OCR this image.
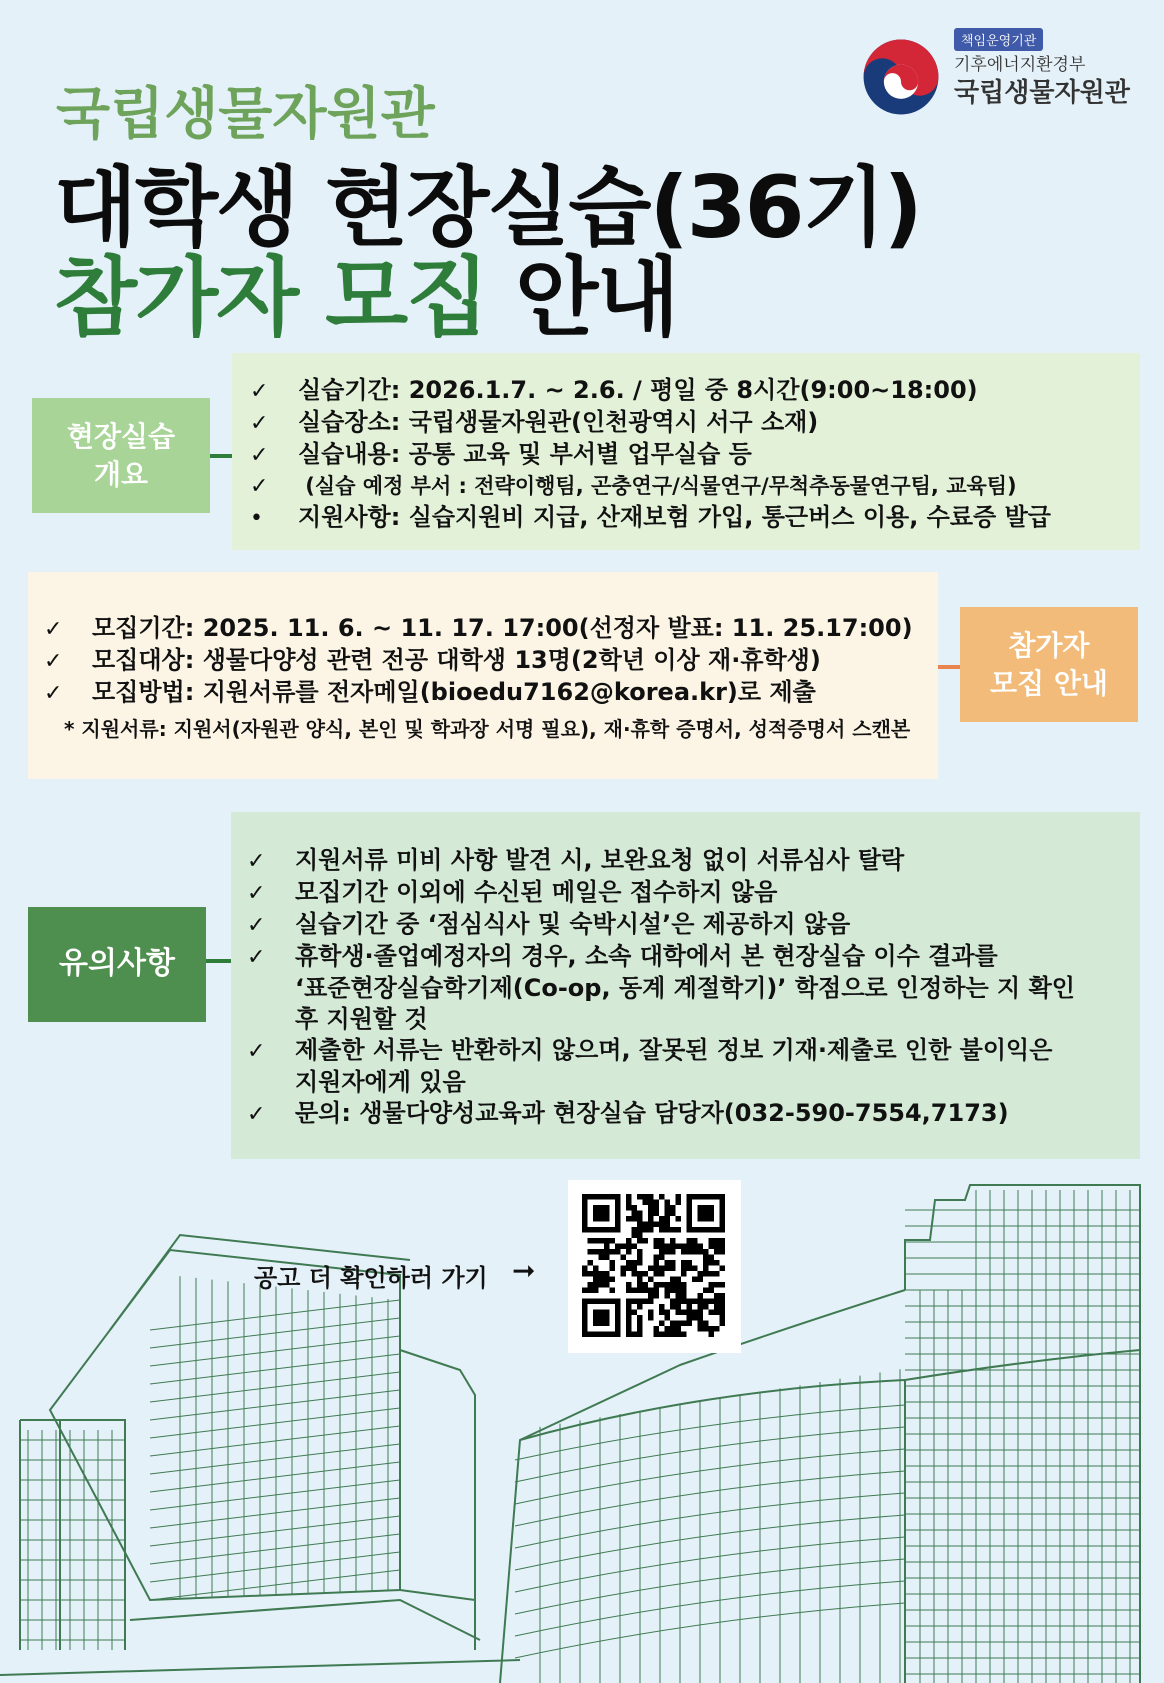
책임운영기관
기후에너지환경부
국립생물자원관
국립생물자원관
대학생 현장실습(36기)
참가자 모집 안내
현장실습
개요
✓ 실습기간: 2026.1.7. ~ 2.6. / 평일 중 8시간(9:00~18:00)
✓ 실습장소: 국립생물자원관(인천광역시 서구 소재)
✓ 실습내용: 공통 교육 및 부서별 업무실습 등
✓ (실습 예정 부서 : 전략이행팀, 곤충연구/식물연구/무척추동물연구팀, 교육팀)
• 지원사항: 실습지원비 지급, 산재보험 가입, 통근버스 이용, 수료증 발급
참가자
모집 안내
✓ 모집기간: 2025. 11. 6. ~ 11. 17. 17:00(선정자 발표: 11. 25.17:00)
✓ 모집대상: 생물다양성 관련 전공 대학생 13명(2학년 이상 재·휴학생)
✓ 모집방법: 지원서류를 전자메일(bioedu7162@korea.kr)로 제출
* 지원서류: 지원서(자원관 양식, 본인 및 학과장 서명 필요), 재·휴학 증명서, 성적증명서 스캔본
유의사항
✓ 지원서류 미비 사항 발견 시, 보완요청 없이 서류심사 탈락
✓ 모집기간 이외에 수신된 메일은 접수하지 않음
✓ 실습기간 중 ‘점심식사 및 숙박시설’은 제공하지 않음
✓ 휴학생·졸업예정자의 경우, 소속 대학에서 본 현장실습 이수 결과를
‘표준현장실습학기제(Co-op, 동계 계절학기)’ 학점으로 인정하는 지 확인
후 지원할 것
✓ 제출한 서류는 반환하지 않으며, 잘못된 정보 기재·제출로 인한 불이익은
지원자에게 있음
✓ 문의: 생물다양성교육과 현장실습 담당자(032-590-7554,7173)
공고 더 확인하러 가기 ➞
